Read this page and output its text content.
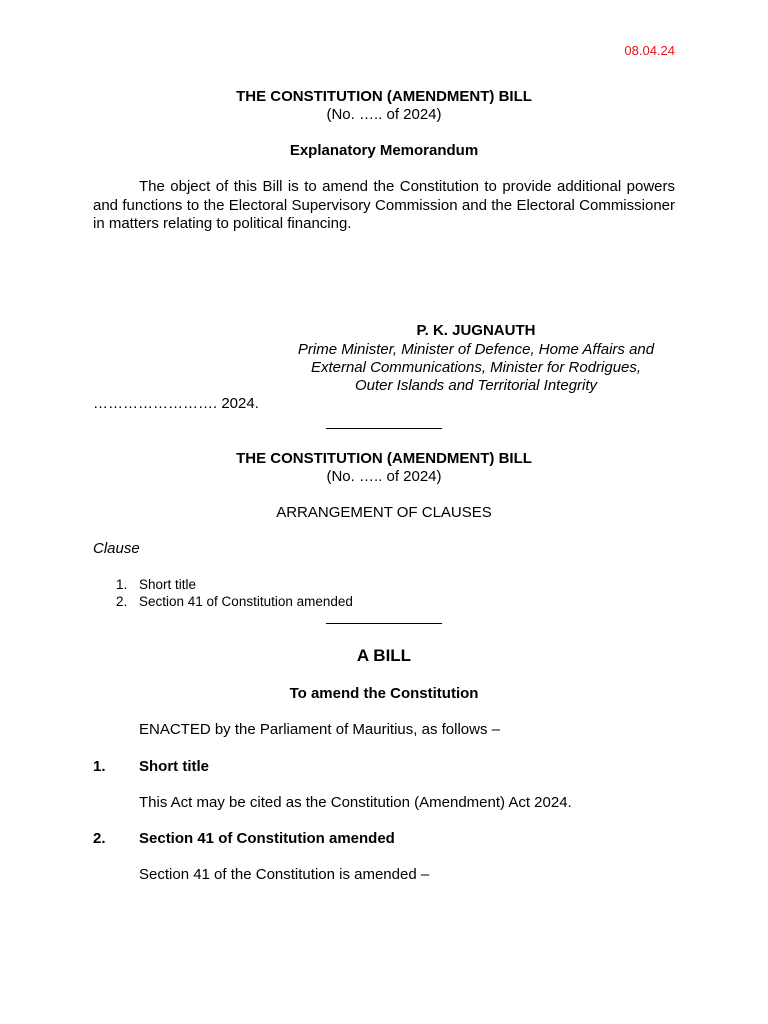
08.04.24
THE CONSTITUTION (AMENDMENT) BILL
(No. ….. of 2024)
Explanatory Memorandum
The object of this Bill is to amend the Constitution to provide additional powers and functions to the Electoral Supervisory Commission and the Electoral Commissioner in matters relating to political financing.
P. K. JUGNAUTH
Prime Minister, Minister of Defence, Home Affairs and
External Communications, Minister for Rodrigues,
Outer Islands and Territorial Integrity
……………………. 2024.
THE CONSTITUTION (AMENDMENT) BILL
(No. ….. of 2024)
ARRANGEMENT OF CLAUSES
Clause
1. Short title
2. Section 41 of Constitution amended
A BILL
To amend the Constitution
ENACTED by the Parliament of Mauritius, as follows –
1. Short title
This Act may be cited as the Constitution (Amendment) Act 2024.
2. Section 41 of Constitution amended
Section 41 of the Constitution is amended –
